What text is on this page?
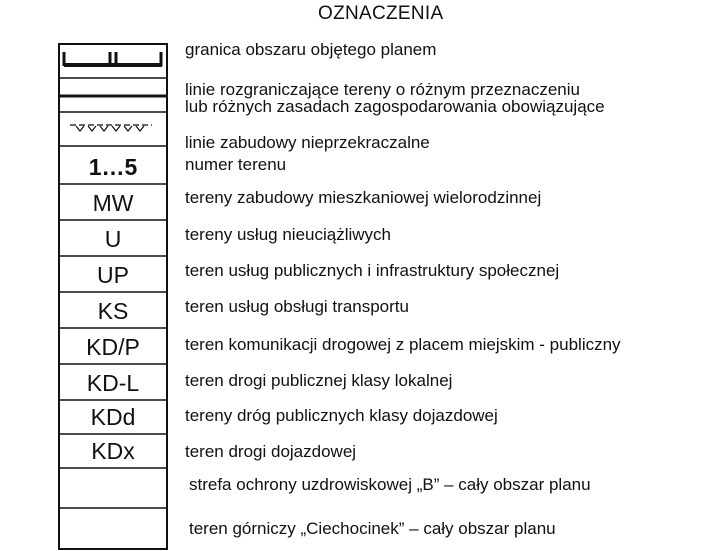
OZNACZENIA
1…5
MW
U
UP
KS
KD/P
KD-L
KDd
KDx
granica obszaru objętego planem
linie rozgraniczające tereny o różnym przeznaczeniu
lub różnych zasadach zagospodarowania obowiązujące
linie zabudowy nieprzekraczalne
numer terenu
tereny zabudowy mieszkaniowej wielorodzinnej
tereny usług nieuciążliwych
teren usług publicznych i infrastruktury społecznej
teren usług obsługi transportu
teren komunikacji drogowej z placem miejskim - publiczny
teren drogi publicznej klasy lokalnej
tereny dróg publicznych klasy dojazdowej
teren drogi dojazdowej
strefa ochrony uzdrowiskowej „B” – cały obszar planu
teren górniczy „Ciechocinek” – cały obszar planu
